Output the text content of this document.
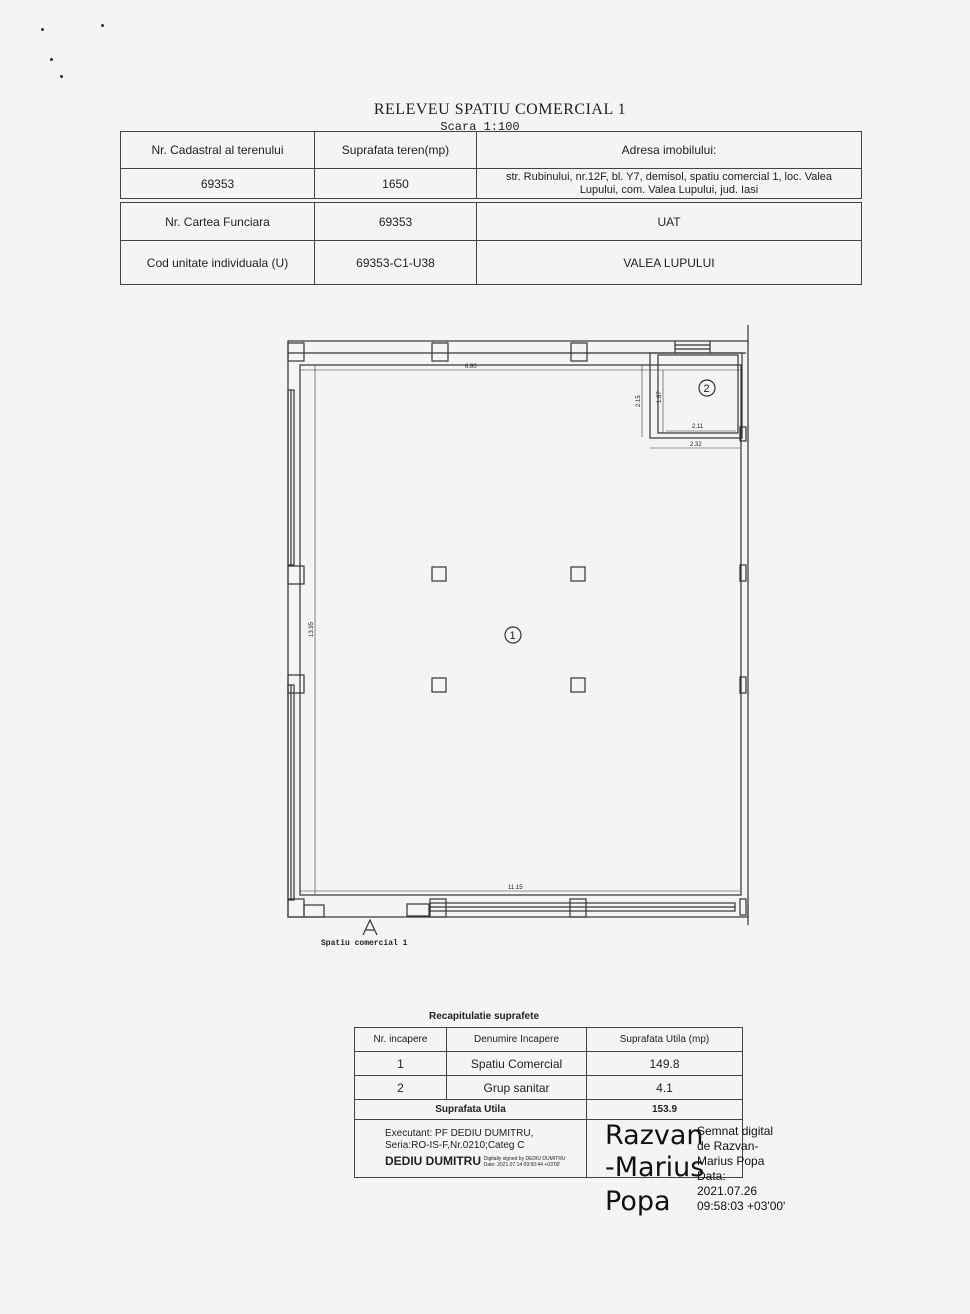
RELEVEU SPATIU COMERCIAL 1
Scara 1:100
Nr. Cadastral al terenului	Suprafata teren(mp)	Adresa imobilului:
69353	1650	str. Rubinului, nr.12F, bl. Y7, demisol, spatiu comercial 1, loc. Valea
Lupului, com. Valea Lupului, jud. Iasi
Nr. Cartea Funciara	69353	UAT
Cod unitate individuala (U)	69353-C1-U38	VALEA LUPULUI
6.80
13.95
11.15
2.15	1.87
2.11
2.32
1
2
Spatiu comercial 1
Recapitulatie suprafete
Nr. incapere	Denumire Incapere	Suprafata Utila (mp)
1	Spatiu Comercial	149.8
2	Grup sanitar	4.1
Suprafata Utila		153.9

Executant: PF DEDIU DUMITRU,
Seria:RO-IS-F,Nr.0210;Categ C
DEDIU DUMITRU Digitally signed by DEDIU DUMITRU
Date: 2021.07.14 09:50:44 +03'00'		

Razvan
-Marius
Popa
Semnat digital
de Razvan-
Marius Popa
Data:
2021.07.26
09:58:03 +03'00'
